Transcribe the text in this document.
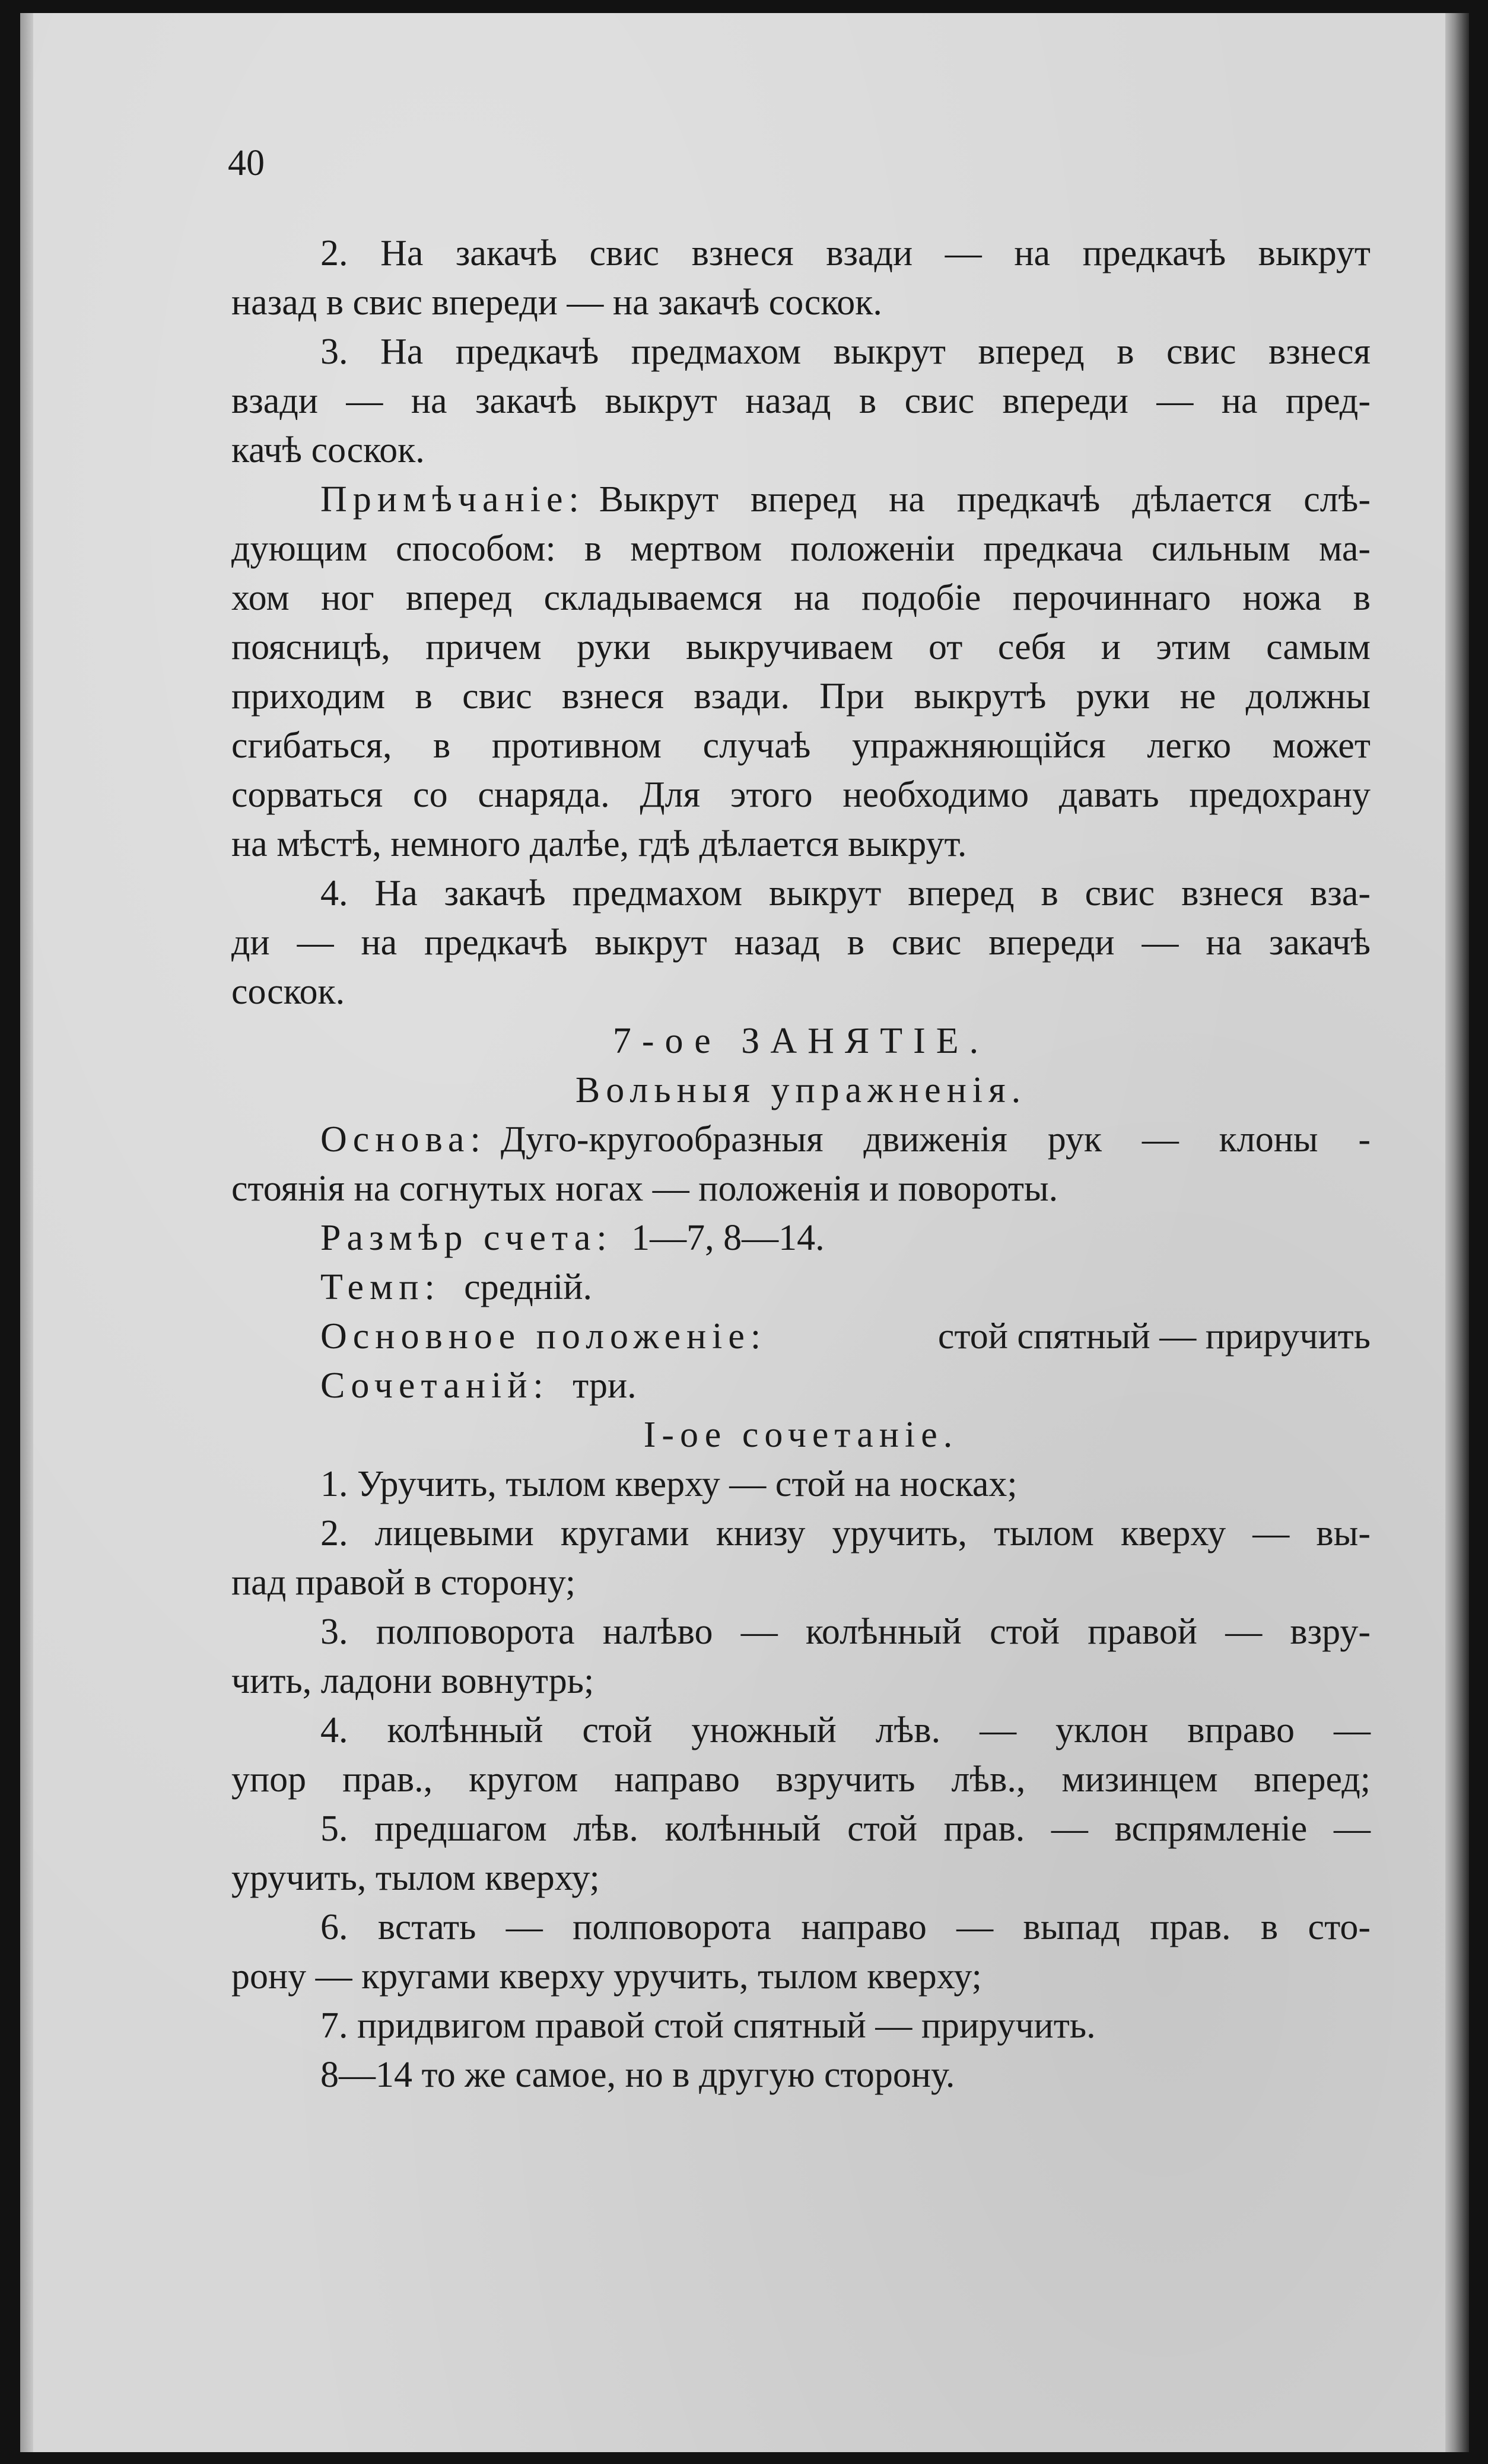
40
2. На закачѣ свис взнеся взади — на предкачѣ выкрут
назад в свис впереди — на закачѣ соскок.
3. На предкачѣ предмахом выкрут вперед в свис взнеся
взади — на закачѣ выкрут назад в свис впереди — на пред-
качѣ соскок.
Примѣчаніе: Выкрут вперед на предкачѣ дѣлается слѣ-
дующим способом: в мертвом положеніи предкача сильным ма-
хом ног вперед складываемся на подобіе перочиннаго ножа в
поясницѣ, причем руки выкручиваем от себя и этим самым
приходим в свис взнеся взади. При выкрутѣ руки не должны
сгибаться, в противном случаѣ упражняющійся легко может
сорваться со снаряда. Для этого необходимо давать предохрану
на мѣстѣ, немного далѣе, гдѣ дѣлается выкрут.
4. На закачѣ предмахом выкрут вперед в свис взнеся вза-
ди — на предкачѣ выкрут назад в свис впереди — на закачѣ
соскок.
7-ое ЗАНЯТІЕ.
Вольныя упражненія.
Основа: Дуго-кругообразныя движенія рук — клоны -
стоянія на согнутых ногах — положенія и повороты.
Размѣр счета: 1—7, 8—14.
Темп: средній.
Основное положеніе:	стой спятный — приручить
Сочетаній: три.
I-ое сочетаніе.
1. Уручить, тылом кверху — стой на носках;
2. лицевыми кругами книзу уручить, тылом кверху — вы-
пад правой в сторону;
3. полповорота налѣво — колѣнный стой правой — взру-
чить, ладони вовнутрь;
4. колѣнный стой уножный лѣв. — уклон вправо —
упор прав., кругом направо взручить лѣв., мизинцем вперед;
5. предшагом лѣв. колѣнный стой прав. — вспрямленіе —
уручить, тылом кверху;
6. встать — полповорота направо — выпад прав. в сто-
рону — кругами кверху уручить, тылом кверху;
7. придвигом правой стой спятный — приручить.
8—14 то же самое, но в другую сторону.
